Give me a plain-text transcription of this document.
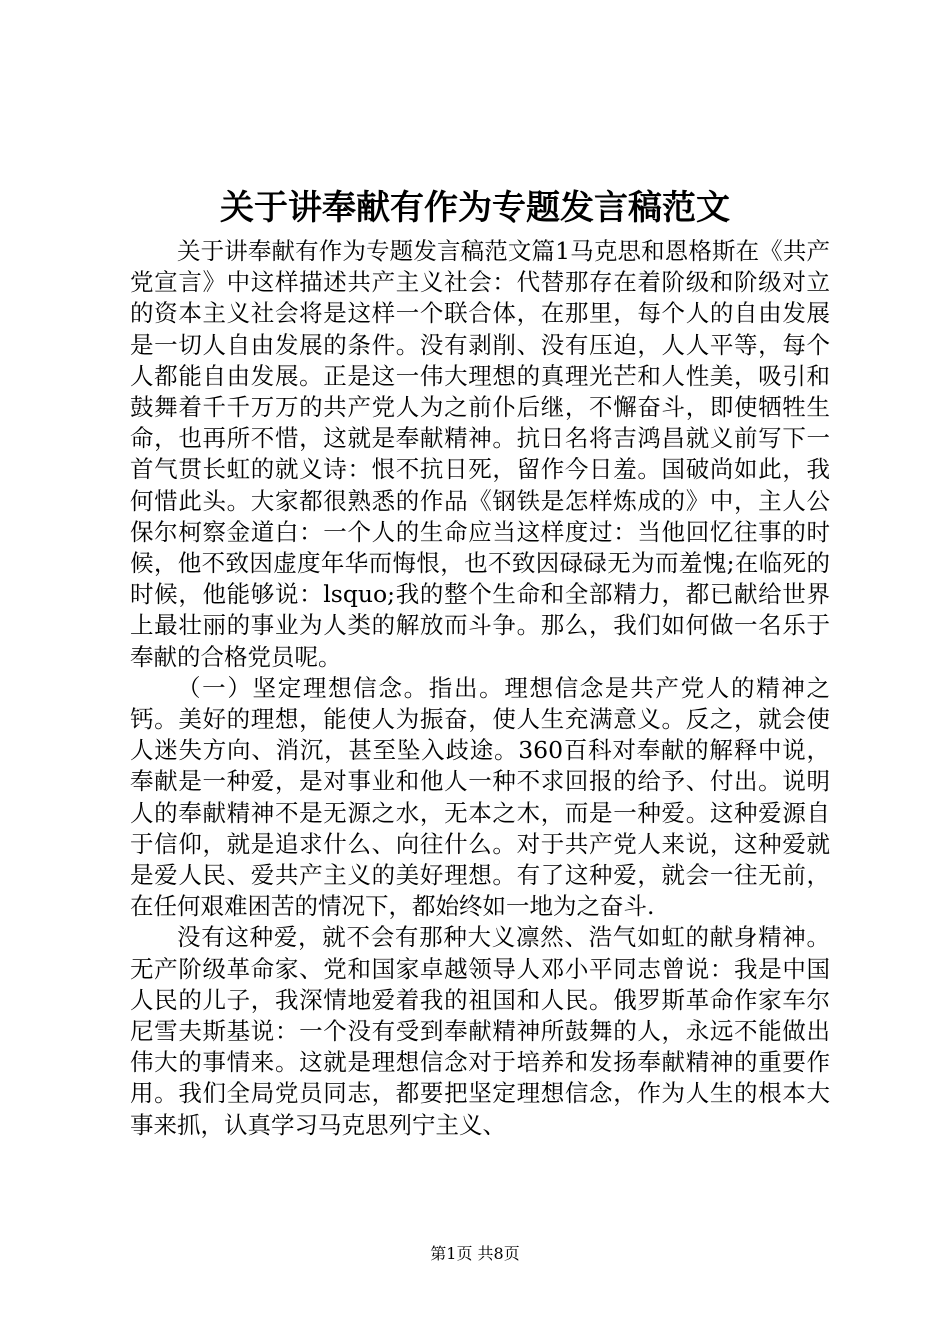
关于讲奉献有作为专题发言稿范文

关于讲奉献有作为专题发言稿范文篇1马克思和恩格斯在《共产党宣言》中这样描述共产主义社会：代替那存在着阶级和阶级对立的资本主义社会将是这样一个联合体，在那里，每个人的自由发展是一切人自由发展的条件。没有剥削、没有压迫，人人平等，每个人都能自由发展。正是这一伟大理想的真理光芒和人性美，吸引和鼓舞着千千万万的共产党人为之前仆后继，不懈奋斗，即使牺牲生命，也再所不惜，这就是奉献精神。抗日名将吉鸿昌就义前写下一首气贯长虹的就义诗：恨不抗日死，留作今日羞。国破尚如此，我何惜此头。大家都很熟悉的作品《钢铁是怎样炼成的》中，主人公保尔柯察金道白：一个人的生命应当这样度过：当他回忆往事的时候，他不致因虚度年华而悔恨，也不致因碌碌无为而羞愧;在临死的时候，他能够说：lsquo;我的整个生命和全部精力，都已献给世界上最壮丽的事业为人类的解放而斗争。那么，我们如何做一名乐于奉献的合格党员呢。

（一）坚定理想信念。指出。理想信念是共产党人的精神之钙。美好的理想，能使人为振奋，使人生充满意义。反之，就会使人迷失方向、消沉，甚至坠入歧途。360百科对奉献的解释中说，奉献是一种爱，是对事业和他人一种不求回报的给予、付出。说明人的奉献精神不是无源之水，无本之木，而是一种爱。这种爱源自于信仰，就是追求什么、向往什么。对于共产党人来说，这种爱就是爱人民、爱共产主义的美好理想。有了这种爱，就会一往无前，在任何艰难困苦的情况下，都始终如一地为之奋斗.

没有这种爱，就不会有那种大义凛然、浩气如虹的献身精神。无产阶级革命家、党和国家卓越领导人邓小平同志曾说：我是中国人民的儿子，我深情地爱着我的祖国和人民。俄罗斯革命作家车尔尼雪夫斯基说：一个没有受到奉献精神所鼓舞的人，永远不能做出伟大的事情来。这就是理想信念对于培养和发扬奉献精神的重要作用。我们全局党员同志，都要把坚定理想信念，作为人生的根本大事来抓，认真学习马克思列宁主义、

第1页 共8页
